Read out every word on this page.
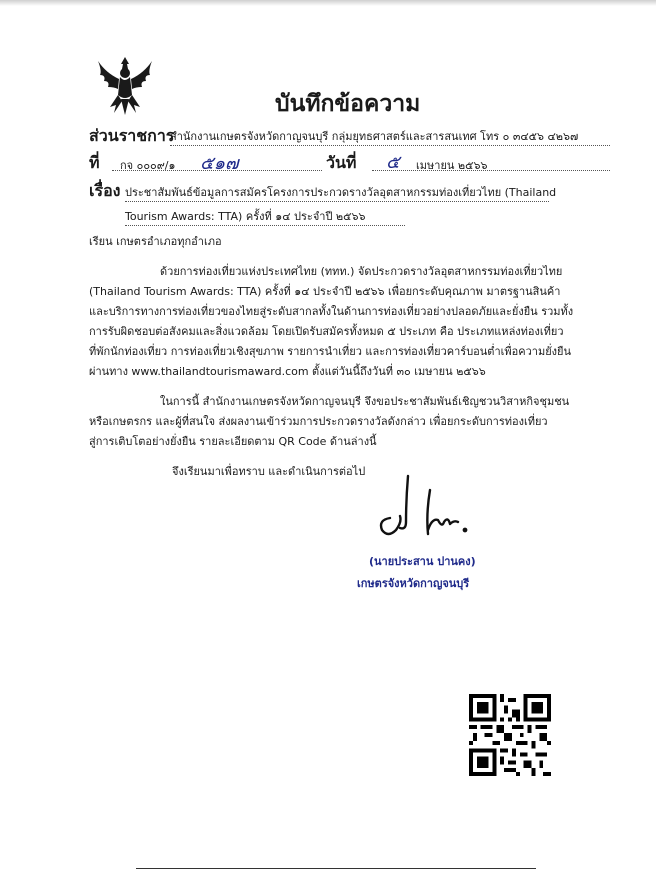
บันทึกข้อความ
ส่วนราชการ
สำนักงานเกษตรจังหวัดกาญจนบุรี กลุ่มยุทธศาสตร์และสารสนเทศ โทร ๐ ๓๔๕๖ ๔๒๖๗
ที่ กจ ๐๐๐๙/๑ ๕๑๗	วันที่ ๕ เมษายน ๒๕๖๖
เรื่อง ประชาสัมพันธ์ข้อมูลการสมัครโครงการประกวดรางวัลอุตสาหกรรมท่องเที่ยวไทย (Thailand
Tourism Awards: TTA) ครั้งที่ ๑๔ ประจำปี ๒๕๖๖
เรียน เกษตรอำเภอทุกอำเภอ
ด้วยการท่องเที่ยวแห่งประเทศไทย (ททท.) จัดประกวดรางวัลอุตสาหกรรมท่องเที่ยวไทย
(Thailand Tourism Awards: TTA) ครั้งที่ ๑๔ ประจำปี ๒๕๖๖ เพื่อยกระดับคุณภาพ มาตรฐานสินค้า
และบริการทางการท่องเที่ยวของไทยสู่ระดับสากลทั้งในด้านการท่องเที่ยวอย่างปลอดภัยและยั่งยืน รวมทั้ง
การรับผิดชอบต่อสังคมและสิ่งแวดล้อม โดยเปิดรับสมัครทั้งหมด ๕ ประเภท คือ ประเภทแหล่งท่องเที่ยว
ที่พักนักท่องเที่ยว การท่องเที่ยวเชิงสุขภาพ รายการนำเที่ยว และการท่องเที่ยวคาร์บอนต่ำเพื่อความยั่งยืน
ผ่านทาง www.thailandtourismaward.com ตั้งแต่วันนี้ถึงวันที่ ๓๐ เมษายน ๒๕๖๖
ในการนี้ สำนักงานเกษตรจังหวัดกาญจนบุรี จึงขอประชาสัมพันธ์เชิญชวนวิสาหกิจชุมชน
หรือเกษตรกร และผู้ที่สนใจ ส่งผลงานเข้าร่วมการประกวดรางวัลดังกล่าว เพื่อยกระดับการท่องเที่ยว
สู่การเติบโตอย่างยั่งยืน รายละเอียดตาม QR Code ด้านล่างนี้
จึงเรียนมาเพื่อทราบ และดำเนินการต่อไป
(นายประสาน ปานคง)
เกษตรจังหวัดกาญจนบุรี
